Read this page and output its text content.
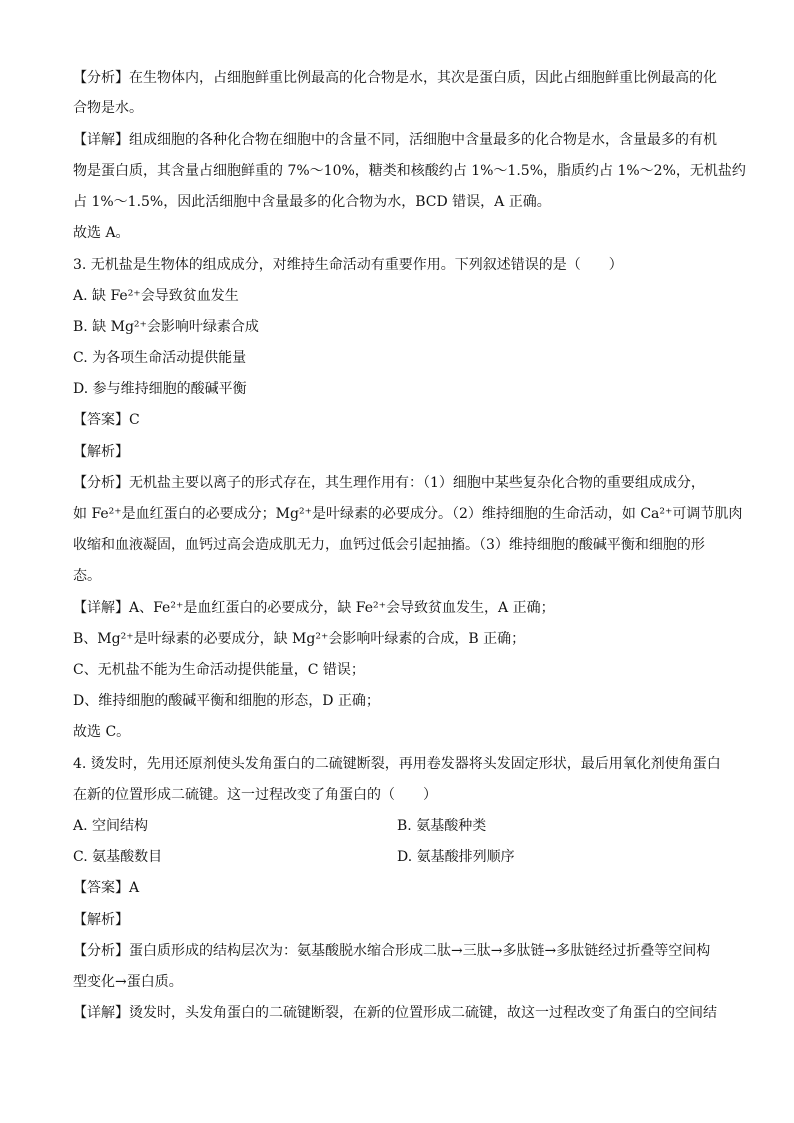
【分析】在生物体内，占细胞鲜重比例最高的化合物是水，其次是蛋白质，因此占细胞鲜重比例最高的化
合物是水。
【详解】组成细胞的各种化合物在细胞中的含量不同，活细胞中含量最多的化合物是水，含量最多的有机
物是蛋白质，其含量占细胞鲜重的 7%～10%，糖类和核酸约占 1%～1.5%，脂质约占 1%～2%，无机盐约
占 1%～1.5%，因此活细胞中含量最多的化合物为水，BCD 错误，A 正确。
故选 A。
3. 无机盐是生物体的组成成分，对维持生命活动有重要作用。下列叙述错误的是（　　）
A. 缺 Fe²⁺会导致贫血发生
B. 缺 Mg²⁺会影响叶绿素合成
C. 为各项生命活动提供能量
D. 参与维持细胞的酸碱平衡
【答案】C
【解析】
【分析】无机盐主要以离子的形式存在，其生理作用有：（1）细胞中某些复杂化合物的重要组成成分，
如 Fe²⁺是血红蛋白的必要成分；Mg²⁺是叶绿素的必要成分。（2）维持细胞的生命活动，如 Ca²⁺可调节肌肉
收缩和血液凝固，血钙过高会造成肌无力，血钙过低会引起抽搐。（3）维持细胞的酸碱平衡和细胞的形
态。
【详解】A、Fe²⁺是血红蛋白的必要成分，缺 Fe²⁺会导致贫血发生，A 正确；
B、Mg²⁺是叶绿素的必要成分，缺 Mg²⁺会影响叶绿素的合成，B 正确；
C、无机盐不能为生命活动提供能量，C 错误；
D、维持细胞的酸碱平衡和细胞的形态，D 正确；
故选 C。
4. 烫发时，先用还原剂使头发角蛋白的二硫键断裂，再用卷发器将头发固定形状，最后用氧化剂使角蛋白
在新的位置形成二硫键。这一过程改变了角蛋白的（　　）
A. 空间结构	B. 氨基酸种类
C. 氨基酸数目	D. 氨基酸排列顺序
【答案】A
【解析】
【分析】蛋白质形成的结构层次为：氨基酸脱水缩合形成二肽→三肽→多肽链→多肽链经过折叠等空间构
型变化→蛋白质。
【详解】烫发时，头发角蛋白的二硫键断裂，在新的位置形成二硫键，故这一过程改变了角蛋白的空间结
